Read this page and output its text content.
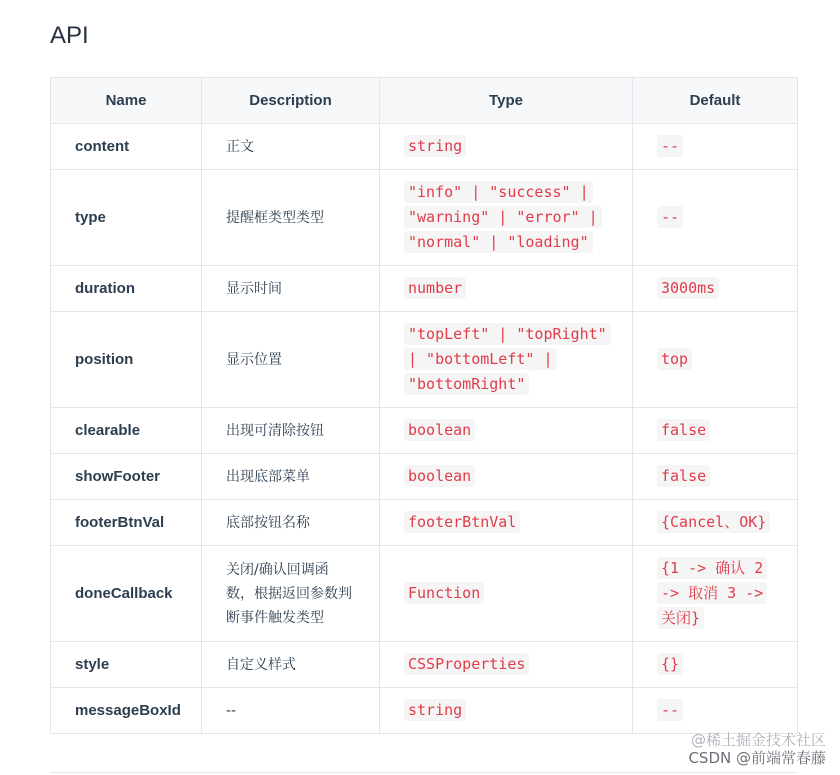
API
Name	Description	Type	Default
content	正文	string	--
type	提醒框类型类型	"info" | "success" | "warning" | "error" | "normal" | "loading"	--
duration	显示时间	number	3000ms
position	显示位置	"topLeft" | "topRight" | "bottomLeft" | "bottomRight"	top
clearable	出现可清除按钮	boolean	false
showFooter	出现底部菜单	boolean	false
footerBtnVal	底部按钮名称	footerBtnVal	{Cancel、OK}
doneCallback	关闭/确认回调函数，根据返回参数判断事件触发类型	Function	{1 -> 确认 2 -> 取消 3 -> 关闭}
style	自定义样式	CSSProperties	{}
messageBoxId	--	string	--
@稀土掘金技术社区
CSDN @前端常春藤
